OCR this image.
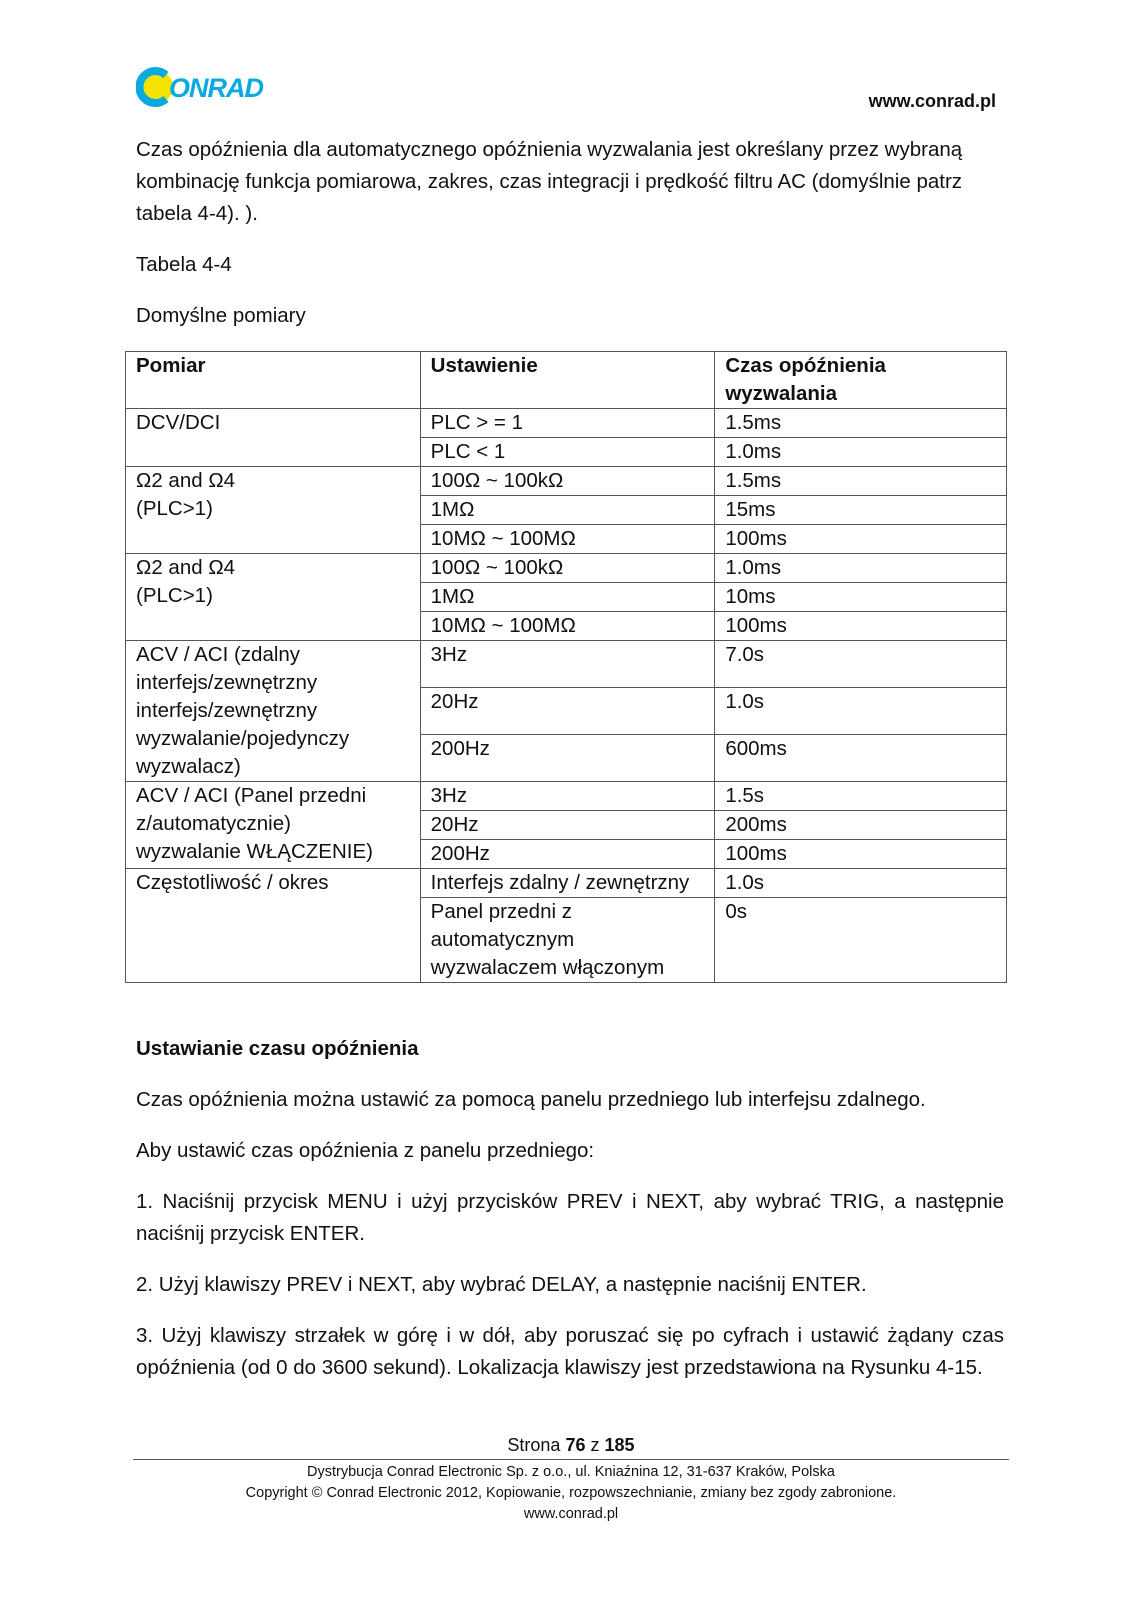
ONRAD	www.conrad.pl

Czas opóźnienia dla automatycznego opóźnienia wyzwalania jest określany przez wybraną kombinację funkcja pomiarowa, zakres, czas integracji i prędkość filtru AC (domyślnie patrz tabela 4-4). ).

Tabela 4-4

Domyślne pomiary

Pomiar	Ustawienie	Czas opóźnienia wyzwalania
DCV/DCI	PLC > = 1	1.5ms
	PLC < 1	1.0ms
Ω2 and Ω4
(PLC>1)	100Ω ~ 100kΩ	1.5ms
	1MΩ	15ms
	10MΩ ~ 100MΩ	100ms
Ω2 and Ω4
(PLC>1)	100Ω ~ 100kΩ	1.0ms
	1MΩ	10ms
	10MΩ ~ 100MΩ	100ms
ACV / ACI (zdalny
interfejs/zewnętrzny
interfejs/zewnętrzny
wyzwalanie/pojedynczy
wyzwalacz)	3Hz	7.0s
	20Hz	1.0s
	200Hz	600ms
ACV / ACI (Panel przedni
z/automatycznie)
wyzwalanie WŁĄCZENIE)	3Hz	1.5s
	20Hz	200ms
	200Hz	100ms
Częstotliwość / okres	Interfejs zdalny / zewnętrzny	1.0s
	Panel przedni z
automatycznym
wyzwalaczem włączonym	0s

Ustawianie czasu opóźnienia

Czas opóźnienia można ustawić za pomocą panelu przedniego lub interfejsu zdalnego.

Aby ustawić czas opóźnienia z panelu przedniego:

1. Naciśnij przycisk MENU i użyj przycisków PREV i NEXT, aby wybrać TRIG, a następnie naciśnij przycisk ENTER.

2. Użyj klawiszy PREV i NEXT, aby wybrać DELAY, a następnie naciśnij ENTER.

3. Użyj klawiszy strzałek w górę i w dół, aby poruszać się po cyfrach i ustawić żądany czas opóźnienia (od 0 do 3600 sekund). Lokalizacja klawiszy jest przedstawiona na Rysunku 4-15.

Strona 76 z 185
Dystrybucja Conrad Electronic Sp. z o.o., ul. Kniaźnina 12, 31-637 Kraków, Polska
Copyright © Conrad Electronic 2012, Kopiowanie, rozpowszechnianie, zmiany bez zgody zabronione.
www.conrad.pl
